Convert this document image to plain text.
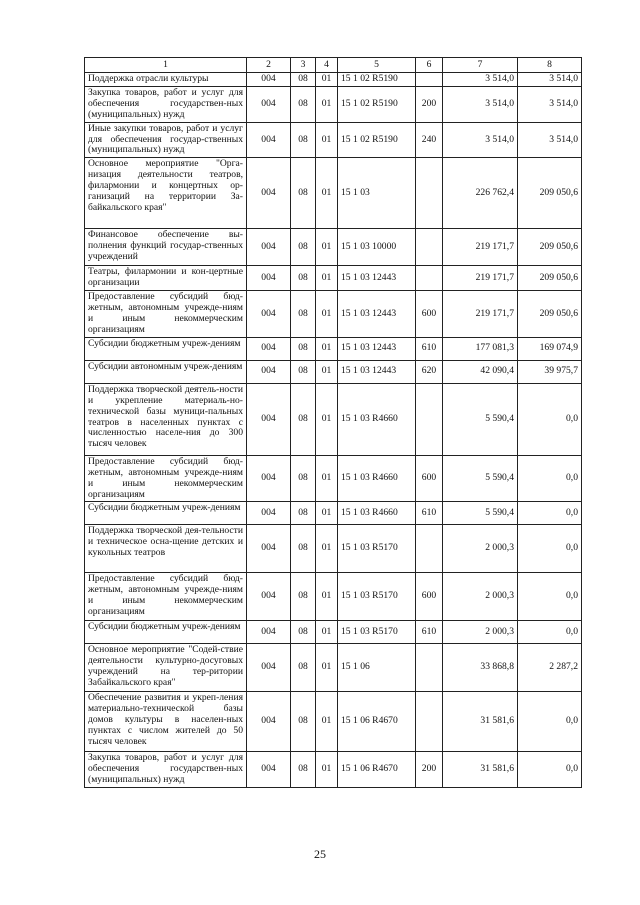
1	2	3	4	5	6	7	8
Поддержка отрасли культуры	004	08	01	15 1 02 R5190		3 514,0	3 514,0
Закупка товаров, работ и услуг для обеспечения государствен-ных (муниципальных) нужд	004	08	01	15 1 02 R5190	200	3 514,0	3 514,0
Иные закупки товаров, работ и услуг для обеспечения государ-ственных (муниципальных) нужд	004	08	01	15 1 02 R5190	240	3 514,0	3 514,0
Основное мероприятие "Орга-низация деятельности театров, филармонии и концертных ор-ганизаций на территории За-байкальского края"	004	08	01	15 1 03		226 762,4	209 050,6
Финансовое обеспечение вы-полнения функций государ-ственных учреждений	004	08	01	15 1 03 10000		219 171,7	209 050,6
Театры, филармонии и кон-цертные организации	004	08	01	15 1 03 12443		219 171,7	209 050,6
Предоставление субсидий бюд-жетным, автономным учрежде-ниям и иным некоммерческим организациям	004	08	01	15 1 03 12443	600	219 171,7	209 050,6
Субсидии бюджетным учреж-дениям	004	08	01	15 1 03 12443	610	177 081,3	169 074,9
Субсидии автономным учреж-дениям	004	08	01	15 1 03 12443	620	42 090,4	39 975,7
Поддержка творческой деятель-ности и укрепление материаль-но-технической базы муници-пальных театров в населенных пунктах с численностью населе-ния до 300 тысяч человек	004	08	01	15 1 03 R4660		5 590,4	0,0
Предоставление субсидий бюд-жетным, автономным учрежде-ниям и иным некоммерческим организациям	004	08	01	15 1 03 R4660	600	5 590,4	0,0
Субсидии бюджетным учреж-дениям	004	08	01	15 1 03 R4660	610	5 590,4	0,0
Поддержка творческой дея-тельности и техническое осна-щение детских и кукольных театров	004	08	01	15 1 03 R5170		2 000,3	0,0
Предоставление субсидий бюд-жетным, автономным учрежде-ниям и иным некоммерческим организациям	004	08	01	15 1 03 R5170	600	2 000,3	0,0
Субсидии бюджетным учреж-дениям	004	08	01	15 1 03 R5170	610	2 000,3	0,0
Основное мероприятие "Содей-ствие деятельности культурно-досуговых учреждений на тер-ритории Забайкальского края"	004	08	01	15 1 06		33 868,8	2 287,2
Обеспечение развития и укреп-ления материально-технической базы домов культуры в населен-ных пунктах с числом жителей до 50 тысяч человек	004	08	01	15 1 06 R4670		31 581,6	0,0
Закупка товаров, работ и услуг для обеспечения государствен-ных (муниципальных) нужд	004	08	01	15 1 06 R4670	200	31 581,6	0,0
25
